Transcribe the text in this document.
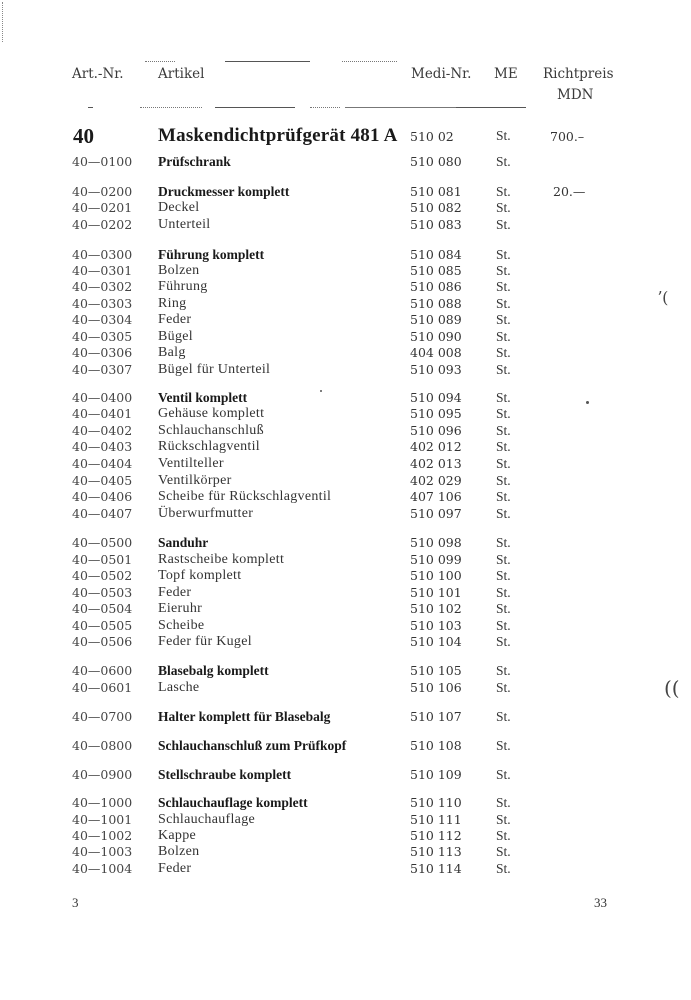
Art.-Nr.	Artikel	Medi-Nr. ME Richtpreis
MDN
40	Maskendichtprüfgerät 481 A 510 02	St.	700.–
40—0100 Prüfschrank	510 080	St.
40—0200 Druckmesser komplett	510 081	St.	20.—
40—0201 Deckel	510 082	St.
40—0202 Unterteil	510 083	St.
40—0300 Führung komplett	510 084	St.
40—0301 Bolzen	510 085	St.
40—0302 Führung	510 086	St.
40—0303 Ring	510 088	St.
40—0304 Feder	510 089	St.
40—0305 Bügel	510 090	St.
40—0306 Balg	404 008	St.
40—0307 Bügel für Unterteil	510 093	St.
40—0400 Ventil komplett	510 094	St.
40—0401 Gehäuse komplett	510 095	St.
40—0402 Schlauchanschluß	510 096	St.
40—0403 Rückschlagventil	402 012	St.
40—0404 Ventilteller	402 013	St.
40—0405 Ventilkörper	402 029	St.
40—0406 Scheibe für Rückschlagventil	407 106	St.
40—0407 Überwurfmutter	510 097	St.
40—0500 Sanduhr	510 098	St.
40—0501 Rastscheibe komplett	510 099	St.
40—0502 Topf komplett	510 100	St.
40—0503 Feder	510 101	St.
40—0504 Eieruhr	510 102	St.
40—0505 Scheibe	510 103	St.
40—0506 Feder für Kugel	510 104	St.
40—0600 Blasebalg komplett	510 105	St.
40—0601 Lasche	510 106	St.
40—0700 Halter komplett für Blasebalg	510 107	St.
40—0800 Schlauchanschluß zum Prüfkopf	510 108	St.
40—0900 Stellschraube komplett	510 109	St.
40—1000 Schlauchauflage komplett	510 110	St.
40—1001 Schlauchauflage	510 111	St.
40—1002 Kappe	510 112	St.
40—1003 Bolzen	510 113	St.
40—1004 Feder	510 114	St.
3	33
ʼ(
((
